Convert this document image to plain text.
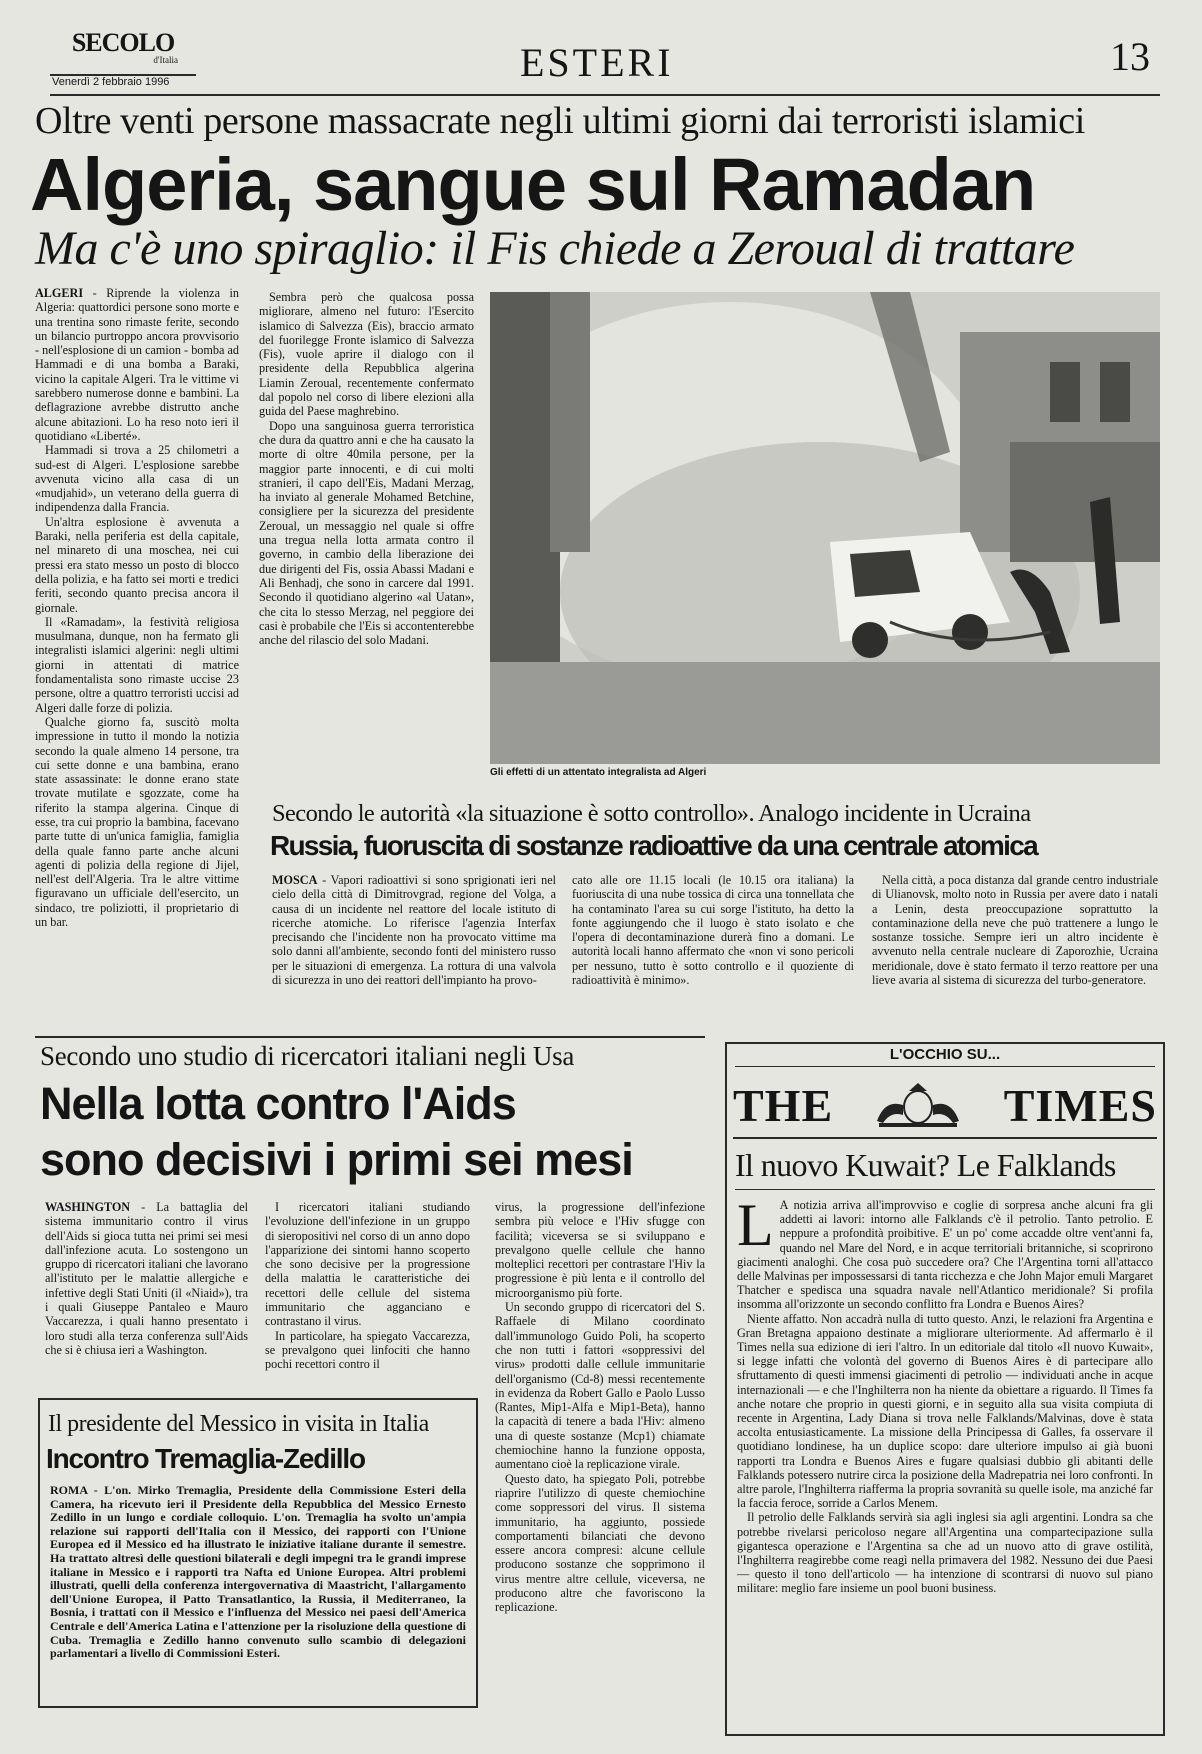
SECOLO
d'Italia
Venerdì 2 febbraio 1996	ESTERI	13
Oltre venti persone massacrate negli ultimi giorni dai terroristi islamici
Algeria, sangue sul Ramadan
Ma c'è uno spiraglio: il Fis chiede a Zeroual di trattare

ALGERI - Riprende la violenza in Algeria: quattordici persone sono morte e una trentina sono rimaste ferite, secondo un bilancio purtroppo ancora provvisorio - nell'esplosione di un camion - bomba ad Hammadi e di una bomba a Baraki, vicino la capitale Algeri. Tra le vittime vi sarebbero numerose donne e bambini. La deflagrazione avrebbe distrutto anche alcune abitazioni. Lo ha reso noto ieri il quotidiano «Liberté».

Hammadi si trova a 25 chilometri a sud-est di Algeri. L'esplosione sarebbe avvenuta vicino alla casa di un «mudjahid», un veterano della guerra di indipendenza dalla Francia.

Un'altra esplosione è avvenuta a Baraki, nella periferia est della capitale, nel minareto di una moschea, nei cui pressi era stato messo un posto di blocco della polizia, e ha fatto sei morti e tredici feriti, secondo quanto precisa ancora il giornale.

Il «Ramadam», la festività religiosa musulmana, dunque, non ha fermato gli integralisti islamici algerini: negli ultimi giorni in attentati di matrice fondamentalista sono rimaste uccise 23 persone, oltre a quattro terroristi uccisi ad Algeri dalle forze di polizia.

Qualche giorno fa, suscitò molta impressione in tutto il mondo la notizia secondo la quale almeno 14 persone, tra cui sette donne e una bambina, erano state assassinate: le donne erano state trovate mutilate e sgozzate, come ha riferito la stampa algerina. Cinque di esse, tra cui proprio la bambina, facevano parte tutte di un'unica famiglia, famiglia della quale fanno parte anche alcuni agenti di polizia della regione di Jijel, nell'est dell'Algeria. Tra le altre vittime figuravano un ufficiale dell'esercito, un sindaco, tre poliziotti, il proprietario di un bar.

Sembra però che qualcosa possa migliorare, almeno nel futuro: l'Esercito islamico di Salvezza (Eis), braccio armato del fuorilegge Fronte islamico di Salvezza (Fis), vuole aprire il dialogo con il presidente della Repubblica algerina Liamin Zeroual, recentemente confermato dal popolo nel corso di libere elezioni alla guida del Paese maghrebino.

Dopo una sanguinosa guerra terroristica che dura da quattro anni e che ha causato la morte di oltre 40mila persone, per la maggior parte innocenti, e di cui molti stranieri, il capo dell'Eis, Madani Merzag, ha inviato al generale Mohamed Betchine, consigliere per la sicurezza del presidente Zeroual, un messaggio nel quale si offre una tregua nella lotta armata contro il governo, in cambio della liberazione dei due dirigenti del Fis, ossia Abassi Madani e Ali Benhadj, che sono in carcere dal 1991. Secondo il quotidiano algerino «al Uatan», che cita lo stesso Merzag, nel peggiore dei casi è probabile che l'Eis si accontenterebbe anche del rilascio del solo Madani.

Gli effetti di un attentato integralista ad Algeri
Secondo le autorità «la situazione è sotto controllo». Analogo incidente in Ucraina
Russia, fuoruscita di sostanze radioattive da una centrale atomica

MOSCA - Vapori radioattivi si sono sprigionati ieri nel cielo della città di Dimitrovgrad, regione del Volga, a causa di un incidente nel reattore del locale istituto di ricerche atomiche. Lo riferisce l'agenzia Interfax precisando che l'incidente non ha provocato vittime ma solo danni all'ambiente, secondo fonti del ministero russo per le situazioni di emergenza. La rottura di una valvola di sicurezza in uno dei reattori dell'impianto ha provo-

cato alle ore 11.15 locali (le 10.15 ora italiana) la fuoriuscita di una nube tossica di circa una tonnellata che ha contaminato l'area su cui sorge l'istituto, ha detto la fonte aggiungendo che il luogo è stato isolato e che l'opera di decontaminazione durerà fino a domani. Le autorità locali hanno affermato che «non vi sono pericoli per nessuno, tutto è sotto controllo e il quoziente di radioattività è minimo».

Nella città, a poca distanza dal grande centro industriale di Ulianovsk, molto noto in Russia per avere dato i natali a Lenin, desta preoccupazione soprattutto la contaminazione della neve che può trattenere a lungo le sostanze tossiche. Sempre ieri un altro incidente è avvenuto nella centrale nucleare di Zaporozhie, Ucraina meridionale, dove è stato fermato il terzo reattore per una lieve avaria al sistema di sicurezza del turbo-generatore.

Secondo uno studio di ricercatori italiani negli Usa
Nella lotta contro l'Aids
sono decisivi i primi sei mesi

WASHINGTON - La battaglia del sistema immunitario contro il virus dell'Aids si gioca tutta nei primi sei mesi dall'infezione acuta. Lo sostengono un gruppo di ricercatori italiani che lavorano all'istituto per le malattie allergiche e infettive degli Stati Uniti (il «Niaid»), tra i quali Giuseppe Pantaleo e Mauro Vaccarezza, i quali hanno presentato i loro studi alla terza conferenza sull'Aids che si è chiusa ieri a Washington.

I ricercatori italiani studiando l'evoluzione dell'infezione in un gruppo di sieropositivi nel corso di un anno dopo l'apparizione dei sintomi hanno scoperto che sono decisive per la progressione della malattia le caratteristiche dei recettori delle cellule del sistema immunitario che agganciano e contrastano il virus.

In particolare, ha spiegato Vaccarezza, se prevalgono quei linfociti che hanno pochi recettori contro il

virus, la progressione dell'infezione sembra più veloce e l'Hiv sfugge con facilità; viceversa se si sviluppano e prevalgono quelle cellule che hanno molteplici recettori per contrastare l'Hiv la progressione è più lenta e il controllo del microorganismo più forte.

Un secondo gruppo di ricercatori del S. Raffaele di Milano coordinato dall'immunologo Guido Poli, ha scoperto che non tutti i fattori «soppressivi del virus» prodotti dalle cellule immunitarie dell'organismo (Cd-8) messi recentemente in evidenza da Robert Gallo e Paolo Lusso (Rantes, Mip1-Alfa e Mip1-Beta), hanno la capacità di tenere a bada l'Hiv: almeno una di queste sostanze (Mcp1) chiamate chemiochine hanno la funzione opposta, aumentano cioè la replicazione virale.

Questo dato, ha spiegato Poli, potrebbe riaprire l'utilizzo di queste chemiochine come soppressori del virus. Il sistema immunitario, ha aggiunto, possiede comportamenti bilanciati che devono essere ancora compresi: alcune cellule producono sostanze che sopprimono il virus mentre altre cellule, viceversa, ne producono altre che favoriscono la replicazione.

Il presidente del Messico in visita in Italia
Incontro Tremaglia-Zedillo
ROMA - L'on. Mirko Tremaglia, Presidente della Commissione Esteri della Camera, ha ricevuto ieri il Presidente della Repubblica del Messico Ernesto Zedillo in un lungo e cordiale colloquio. L'on. Tremaglia ha svolto un'ampia relazione sui rapporti dell'Italia con il Messico, dei rapporti con l'Unione Europea ed il Messico ed ha illustrato le iniziative italiane durante il semestre. Ha trattato altresì delle questioni bilaterali e degli impegni tra le grandi imprese italiane in Messico e i rapporti tra Nafta ed Unione Europea. Altri problemi illustrati, quelli della conferenza intergovernativa di Maastricht, l'allargamento dell'Unione Europea, il Patto Transatlantico, la Russia, il Mediterraneo, la Bosnia, i trattati con il Messico e l'influenza del Messico nei paesi dell'America Centrale e dell'America Latina e l'attenzione per la risoluzione della questione di Cuba. Tremaglia e Zedillo hanno convenuto sullo scambio di delegazioni parlamentari a livello di Commissioni Esteri.
L'OCCHIO SU...
THE	TIMES
Il nuovo Kuwait? Le Falklands

L A notizia arriva all'improvviso e coglie di sorpresa anche alcuni fra gli addetti ai lavori: intorno alle Falklands c'è il petrolio. Tanto petrolio. E neppure a profondità proibitive. E' un po' come accadde oltre vent'anni fa, quando nel Mare del Nord, e in acque territoriali britanniche, si scoprirono giacimenti analoghi. Che cosa può succedere ora? Che l'Argentina torni all'attacco delle Malvinas per impossessarsi di tanta ricchezza e che John Major emuli Margaret Thatcher e spedisca una squadra navale nell'Atlantico meridionale? Si profila insomma all'orizzonte un secondo conflitto fra Londra e Buenos Aires?

Niente affatto. Non accadrà nulla di tutto questo. Anzi, le relazioni fra Argentina e Gran Bretagna appaiono destinate a migliorare ulteriormente. Ad affermarlo è il Times nella sua edizione di ieri l'altro. In un editoriale dal titolo «Il nuovo Kuwait», si legge infatti che volontà del governo di Buenos Aires è di partecipare allo sfruttamento di questi immensi giacimenti di petrolio — individuati anche in acque internazionali — e che l'Inghilterra non ha niente da obiettare a riguardo. Il Times fa anche notare che proprio in questi giorni, e in seguito alla sua visita compiuta di recente in Argentina, Lady Diana si trova nelle Falklands/Malvinas, dove è stata accolta entusiasticamente. La missione della Principessa di Galles, fa osservare il quotidiano londinese, ha un duplice scopo: dare ulteriore impulso ai già buoni rapporti tra Londra e Buenos Aires e fugare qualsiasi dubbio gli abitanti delle Falklands potessero nutrire circa la posizione della Madrepatria nei loro confronti. In altre parole, l'Inghilterra riafferma la propria sovranità su quelle isole, ma anziché far la faccia feroce, sorride a Carlos Menem.

Il petrolio delle Falklands servirà sia agli inglesi sia agli argentini. Londra sa che potrebbe rivelarsi pericoloso negare all'Argentina una compartecipazione sulla gigantesca operazione e l'Argentina sa che ad un nuovo atto di grave ostilità, l'Inghilterra reagirebbe come reagì nella primavera del 1982. Nessuno dei due Paesi — questo il tono dell'articolo — ha intenzione di scontrarsi di nuovo sul piano militare: meglio fare insieme un pool buoni business.
